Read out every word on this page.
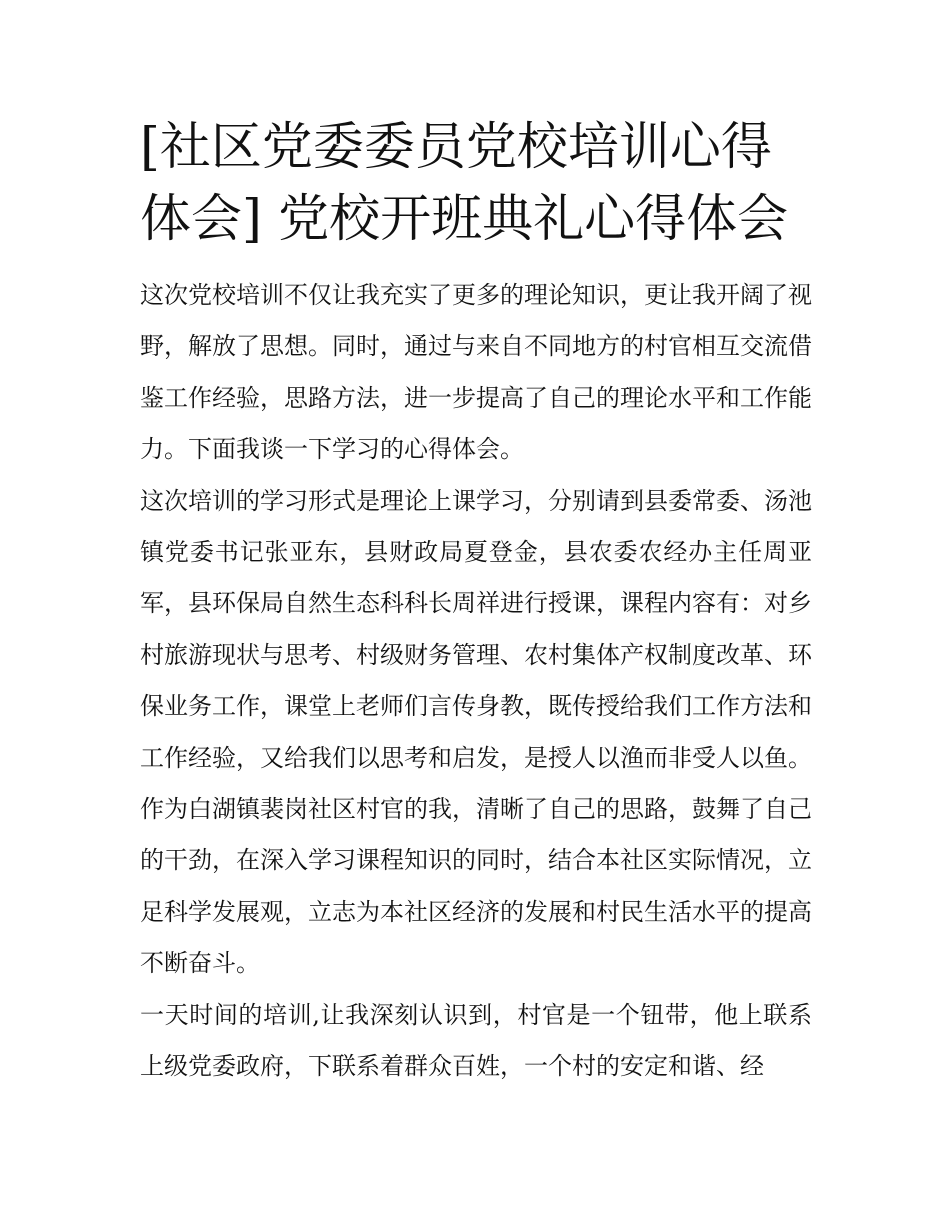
[社区党委委员党校培训心得体会] 党校开班典礼心得体会

这次党校培训不仅让我充实了更多的理论知识，更让我开阔了视野，解放了思想。同时，通过与来自不同地方的村官相互交流借鉴工作经验，思路方法，进一步提高了自己的理论水平和工作能力。下面我谈一下学习的心得体会。

这次培训的学习形式是理论上课学习，分别请到县委常委、汤池镇党委书记张亚东，县财政局夏登金，县农委农经办主任周亚军，县环保局自然生态科科长周祥进行授课，课程内容有：对乡村旅游现状与思考、村级财务管理、农村集体产权制度改革、环保业务工作，课堂上老师们言传身教，既传授给我们工作方法和工作经验，又给我们以思考和启发，是授人以渔而非受人以鱼。作为白湖镇裴岗社区村官的我，清晰了自己的思路，鼓舞了自己的干劲，在深入学习课程知识的同时，结合本社区实际情况，立足科学发展观，立志为本社区经济的发展和村民生活水平的提高不断奋斗。

一天时间的培训,让我深刻认识到，村官是一个钮带，他上联系上级党委政府，下联系着群众百姓，一个村的安定和谐、经
